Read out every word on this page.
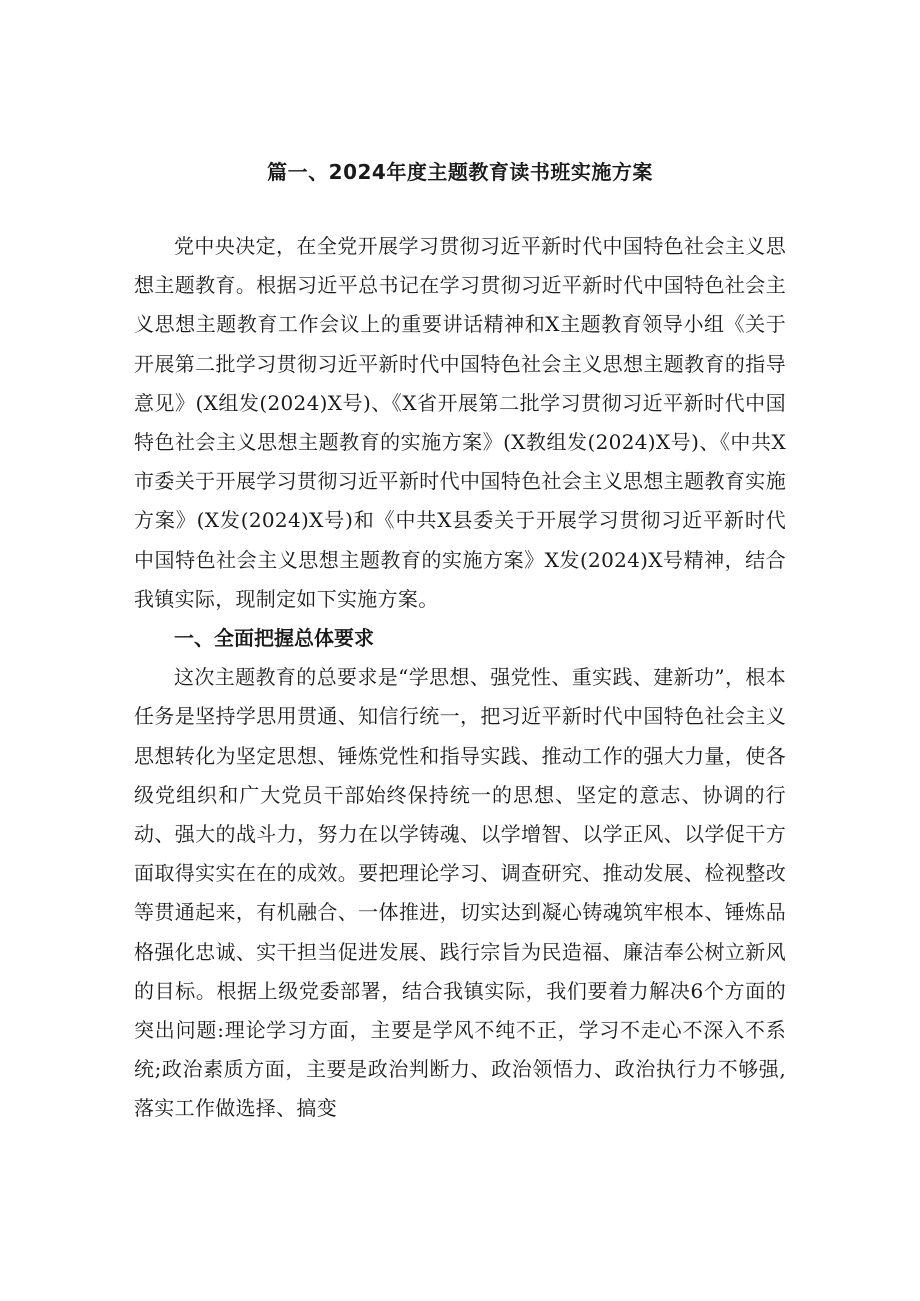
篇一、2024年度主题教育读书班实施方案

党中央决定，在全党开展学习贯彻习近平新时代中国特色社会主义思想主题教育。根据习近平总书记在学习贯彻习近平新时代中国特色社会主义思想主题教育工作会议上的重要讲话精神和X主题教育领导小组《关于开展第二批学习贯彻习近平新时代中国特色社会主义思想主题教育的指导意见》(X组发(2024)X号)、《X省开展第二批学习贯彻习近平新时代中国特色社会主义思想主题教育的实施方案》(X教组发(2024)X号)、《中共X市委关于开展学习贯彻习近平新时代中国特色社会主义思想主题教育实施方案》(X发(2024)X号)和《中共X县委关于开展学习贯彻习近平新时代中国特色社会主义思想主题教育的实施方案》X发(2024)X号精神，结合我镇实际，现制定如下实施方案。

一、全面把握总体要求

这次主题教育的总要求是“学思想、强党性、重实践、建新功”，根本任务是坚持学思用贯通、知信行统一，把习近平新时代中国特色社会主义思想转化为坚定思想、锤炼党性和指导实践、推动工作的强大力量，使各级党组织和广大党员干部始终保持统一的思想、坚定的意志、协调的行动、强大的战斗力，努力在以学铸魂、以学增智、以学正风、以学促干方面取得实实在在的成效。要把理论学习、调查研究、推动发展、检视整改等贯通起来，有机融合、一体推进，切实达到凝心铸魂筑牢根本、锤炼品格强化忠诚、实干担当促进发展、践行宗旨为民造福、廉洁奉公树立新风的目标。根据上级党委部署，结合我镇实际，我们要着力解决6个方面的突出问题:理论学习方面，主要是学风不纯不正，学习不走心不深入不系统;政治素质方面，主要是政治判断力、政治领悟力、政治执行力不够强,落实工作做选择、搞变
